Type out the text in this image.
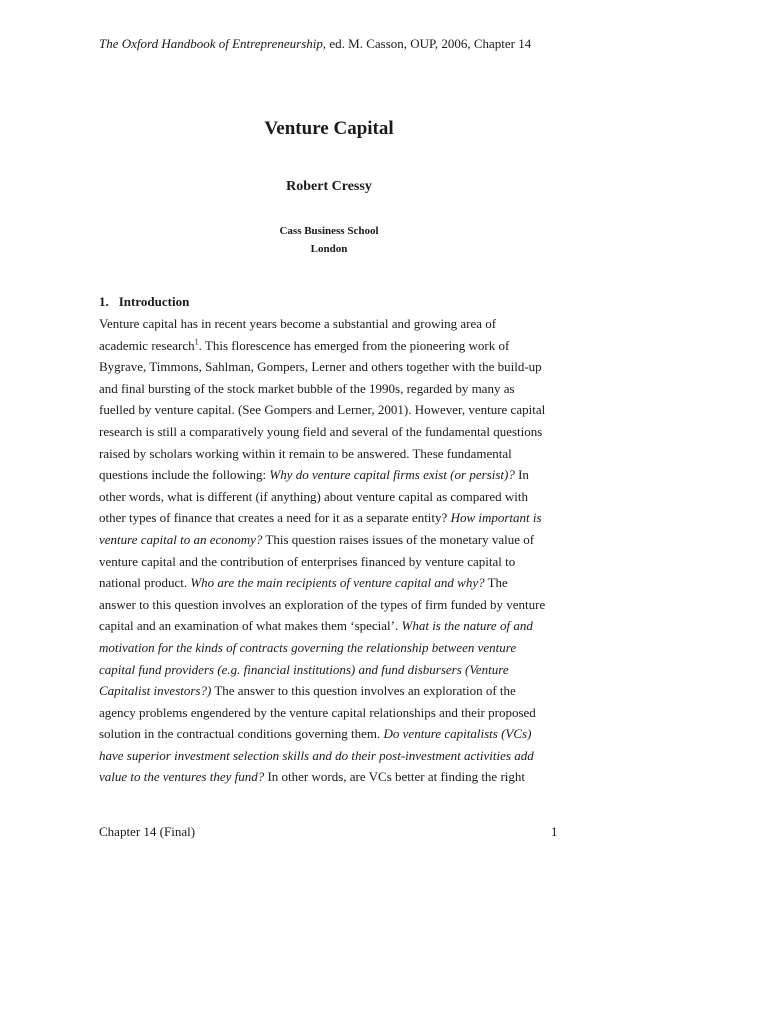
The Oxford Handbook of Entrepreneurship, ed. M. Casson, OUP, 2006, Chapter 14
Venture Capital
Robert Cressy
Cass Business School
London
1. Introduction
Venture capital has in recent years become a substantial and growing area of
academic research$^1$. This florescence has emerged from the pioneering work of
Bygrave, Timmons, Sahlman, Gompers, Lerner and others together with the build-up
and final bursting of the stock market bubble of the 1990s, regarded by many as
fuelled by venture capital. (See Gompers and Lerner, 2001). However, venture capital
research is still a comparatively young field and several of the fundamental questions
raised by scholars working within it remain to be answered. These fundamental
questions include the following: Why do venture capital firms exist (or persist)? In
other words, what is different (if anything) about venture capital as compared with
other types of finance that creates a need for it as a separate entity? How important is
venture capital to an economy? This question raises issues of the monetary value of
venture capital and the contribution of enterprises financed by venture capital to
national product. Who are the main recipients of venture capital and why? The
answer to this question involves an exploration of the types of firm funded by venture
capital and an examination of what makes them ‘special’. What is the nature of and
motivation for the kinds of contracts governing the relationship between venture
capital fund providers (e.g. financial institutions) and fund disbursers (Venture
Capitalist investors?) The answer to this question involves an exploration of the
agency problems engendered by the venture capital relationships and their proposed
solution in the contractual conditions governing them. Do venture capitalists (VCs)
have superior investment selection skills and do their post-investment activities add
value to the ventures they fund? In other words, are VCs better at finding the right
Chapter 14 (Final)	1
